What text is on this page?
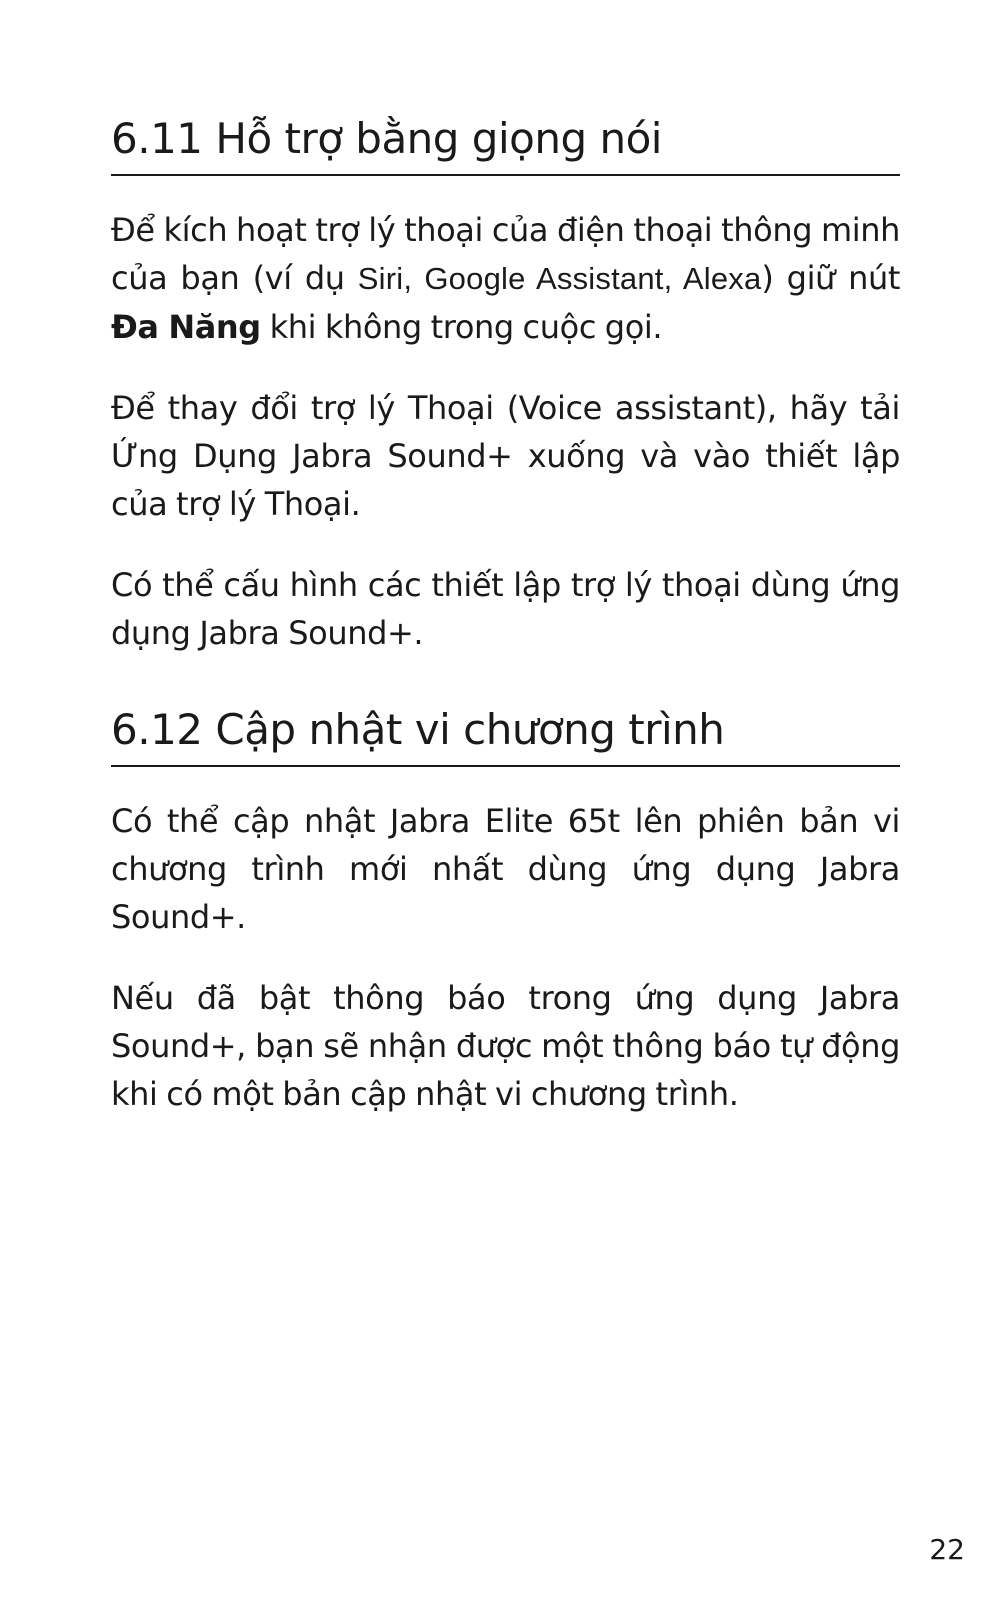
6.11 Hỗ trợ bằng giọng nói

Để kích hoạt trợ lý thoại của điện thoại thông minh của bạn (ví dụ Siri, Google Assistant, Alexa) giữ nút Đa Năng khi không trong cuộc gọi.

Để thay đổi trợ lý Thoại (Voice assistant), hãy tải Ứng Dụng Jabra Sound+ xuống và vào thiết lập của trợ lý Thoại.

Có thể cấu hình các thiết lập trợ lý thoại dùng ứng dụng Jabra Sound+.

6.12 Cập nhật vi chương trình

Có thể cập nhật Jabra Elite 65t lên phiên bản vi chương trình mới nhất dùng ứng dụng Jabra Sound+.

Nếu đã bật thông báo trong ứng dụng Jabra Sound+, bạn sẽ nhận được một thông báo tự động khi có một bản cập nhật vi chương trình.

22
